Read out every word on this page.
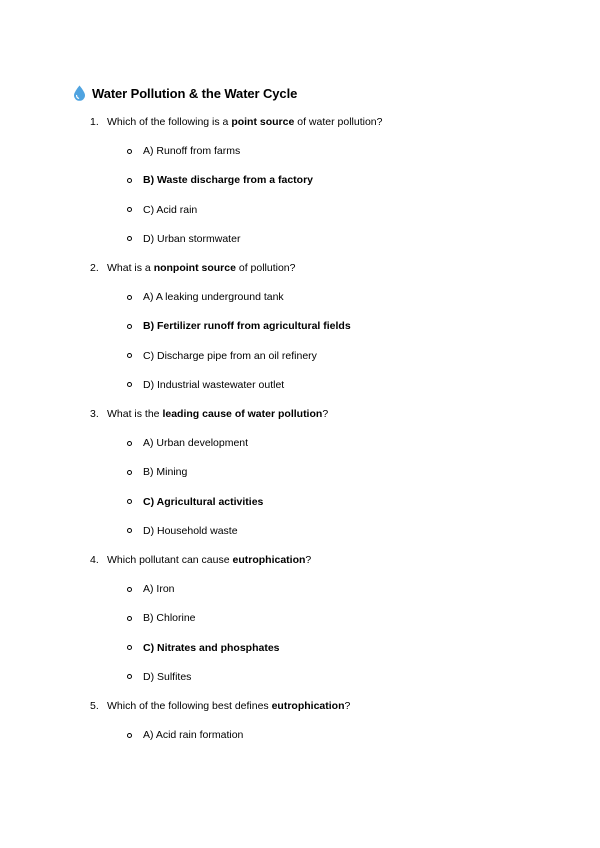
Water Pollution & the Water Cycle
1. Which of the following is a point source of water pollution?
A) Runoff from farms
B) Waste discharge from a factory
C) Acid rain
D) Urban stormwater
2. What is a nonpoint source of pollution?
A) A leaking underground tank
B) Fertilizer runoff from agricultural fields
C) Discharge pipe from an oil refinery
D) Industrial wastewater outlet
3. What is the leading cause of water pollution?
A) Urban development
B) Mining
C) Agricultural activities
D) Household waste
4. Which pollutant can cause eutrophication?
A) Iron
B) Chlorine
C) Nitrates and phosphates
D) Sulfites
5. Which of the following best defines eutrophication?
A) Acid rain formation
